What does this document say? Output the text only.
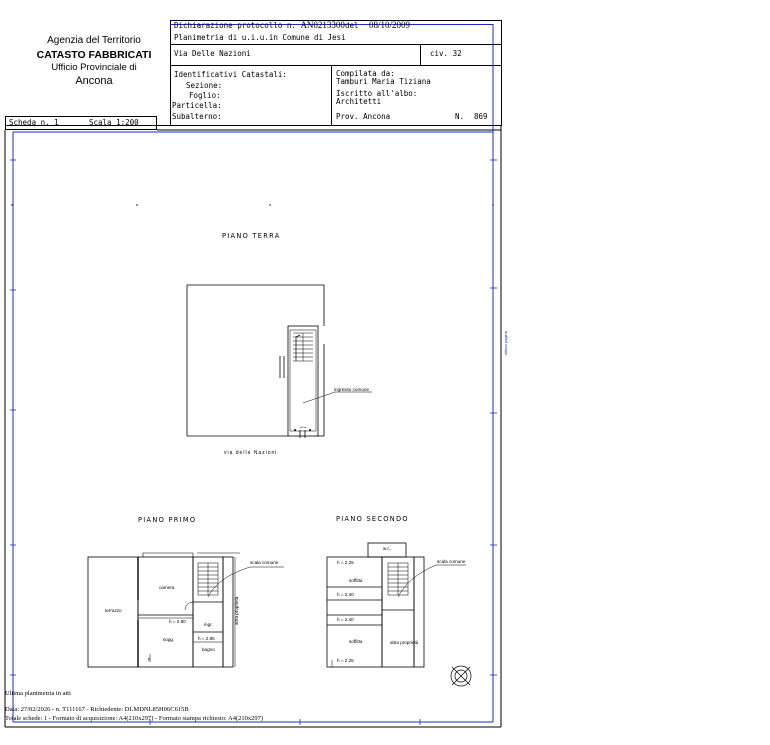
Agenzia del Territorio
CATASTO FABBRICATI
Ufficio Provinciale di
Ancona
Dichiarazione protocollo n. AN0213300del 08/10/2009
Planimetria di u.i.u.in Comune di Jesi
Via Delle Nazioni	civ. 32
Identificativi Catastali:
Sezione:
Foglio:
Particella:
Subalterno:
Compilata da:
Tamburi Maria Tiziana
Iscritto all'albo:
Architetti
Prov. Ancona	N. 869
Scheda n. 1	Scala 1:200
PIANO TERRA
ingresso comune
via delle Nazioni
PIANO PRIMO	PIANO SECONDO
terrazzo
camera
sogg.
ingr.
bagno
h = 2.80
h = 2.85
h
scala comune
altra proprietà
h = 2.25
soffitta
h = 2.40
h = 2.40
soffitta
h = 2.25
w.c.
scala comune
altra proprietà
ultima pagina
Ultima planimetria in atti
Data: 27/02/2026 - n. T111167 - Richiedente: DLMDNL85H06C615B
Totale schede: 1 - Formato di acquisizione: A4(210x297) - Formato stampa richiesto: A4(210x297)
